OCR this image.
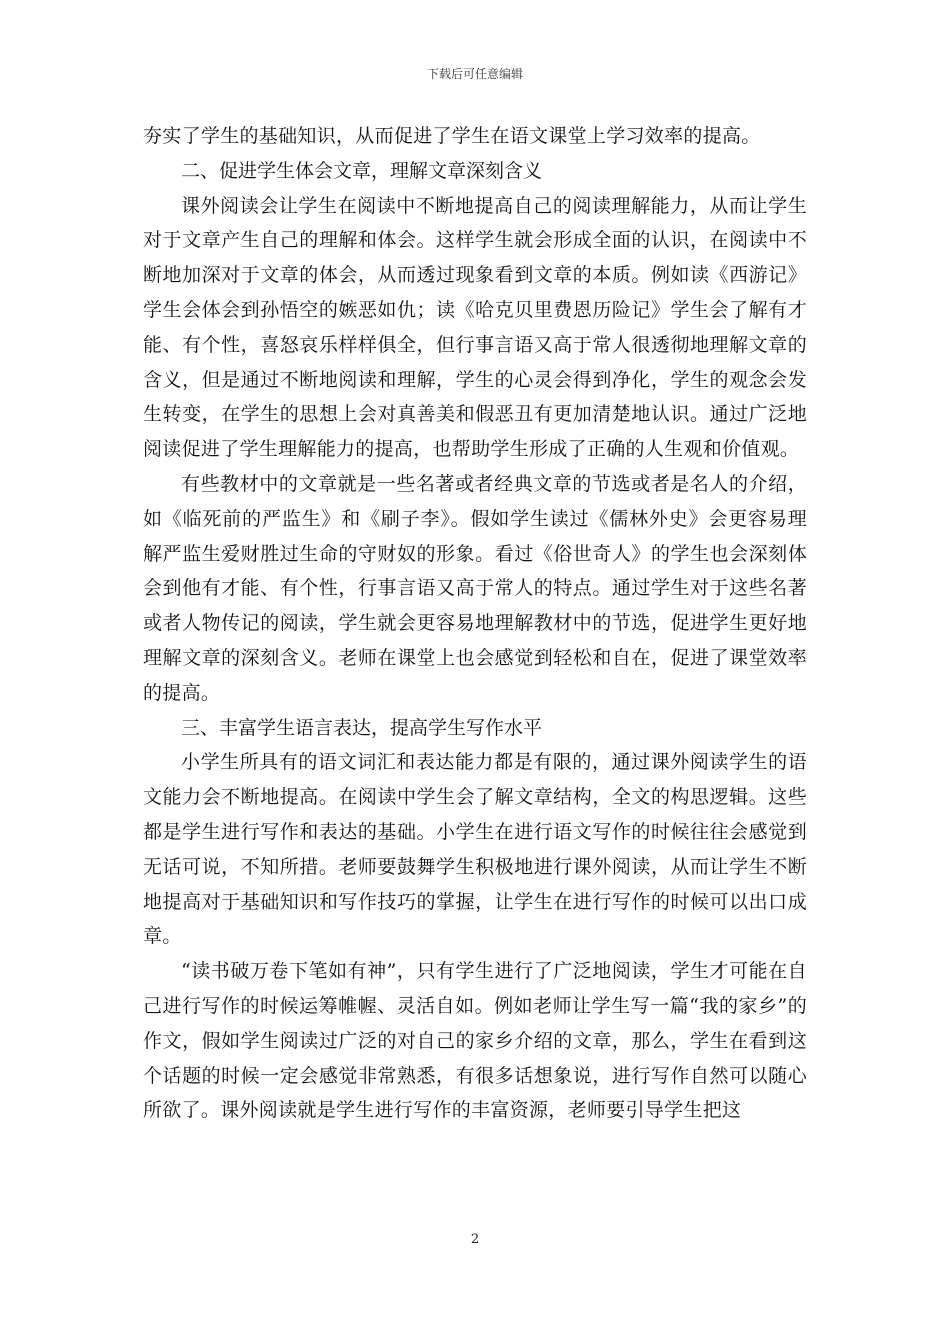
下载后可任意编辑

夯实了学生的基础知识，从而促进了学生在语文课堂上学习效率的提高。

二、促进学生体会文章，理解文章深刻含义

课外阅读会让学生在阅读中不断地提高自己的阅读理解能力，从而让学生对于文章产生自己的理解和体会。这样学生就会形成全面的认识，在阅读中不断地加深对于文章的体会，从而透过现象看到文章的本质。例如读《西游记》学生会体会到孙悟空的嫉恶如仇；读《哈克贝里费恩历险记》学生会了解有才能、有个性，喜怒哀乐样样俱全，但行事言语又高于常人很透彻地理解文章的含义，但是通过不断地阅读和理解，学生的心灵会得到净化，学生的观念会发生转变，在学生的思想上会对真善美和假恶丑有更加清楚地认识。通过广泛地阅读促进了学生理解能力的提高，也帮助学生形成了正确的人生观和价值观。

有些教材中的文章就是一些名著或者经典文章的节选或者是名人的介绍，如《临死前的严监生》和《刷子李》。假如学生读过《儒林外史》会更容易理解严监生爱财胜过生命的守财奴的形象。看过《俗世奇人》的学生也会深刻体会到他有才能、有个性，行事言语又高于常人的特点。通过学生对于这些名著或者人物传记的阅读，学生就会更容易地理解教材中的节选，促进学生更好地理解文章的深刻含义。老师在课堂上也会感觉到轻松和自在，促进了课堂效率的提高。

三、丰富学生语言表达，提高学生写作水平

小学生所具有的语文词汇和表达能力都是有限的，通过课外阅读学生的语文能力会不断地提高。在阅读中学生会了解文章结构，全文的构思逻辑。这些都是学生进行写作和表达的基础。小学生在进行语文写作的时候往往会感觉到无话可说，不知所措。老师要鼓舞学生积极地进行课外阅读，从而让学生不断地提高对于基础知识和写作技巧的掌握，让学生在进行写作的时候可以出口成章。

“读书破万卷下笔如有神”，只有学生进行了广泛地阅读，学生才可能在自己进行写作的时候运筹帷幄、灵活自如。例如老师让学生写一篇“我的家乡”的作文，假如学生阅读过广泛的对自己的家乡介绍的文章，那么，学生在看到这个话题的时候一定会感觉非常熟悉，有很多话想象说，进行写作自然可以随心所欲了。课外阅读就是学生进行写作的丰富资源，老师要引导学生把这

2
